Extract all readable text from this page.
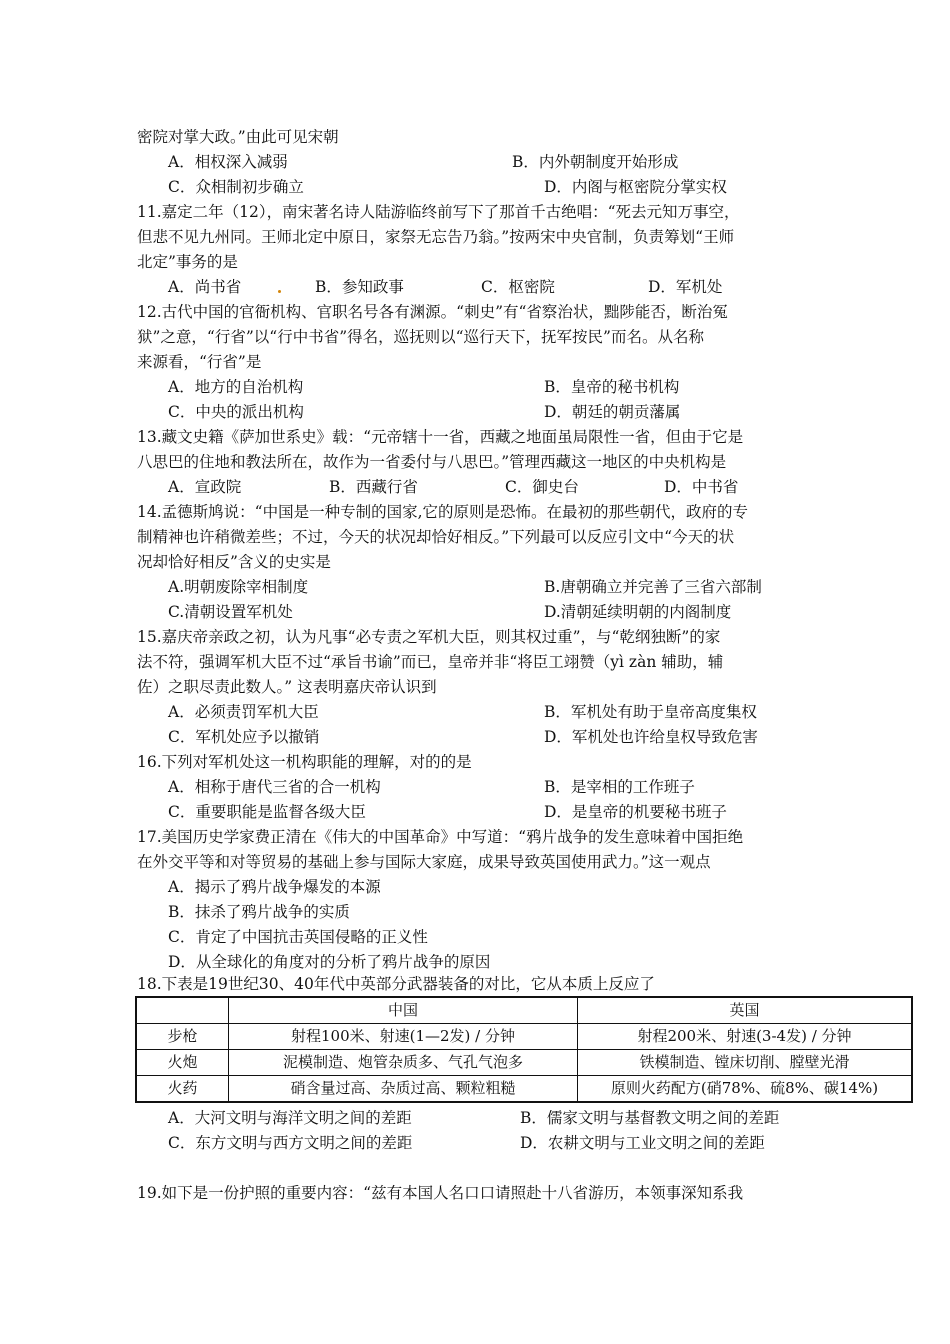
密院对掌大政。”由此可见宋朝
A．相权深入减弱	B．内外朝制度开始形成
C．众相制初步确立	D．内阁与枢密院分掌实权
11.嘉定二年（12），南宋著名诗人陆游临终前写下了那首千古绝唱：“死去元知万事空，
但悲不见九州同。王师北定中原日，家祭无忘告乃翁。”按两宋中央官制，负责筹划“王师
北定”事务的是
A．尚书省	B．参知政事	C．枢密院	D．军机处
12.古代中国的官衙机构、官职名号各有渊源。“刺史”有“省察治状，黜陟能否，断治冤
狱”之意，“行省”以“行中书省”得名，巡抚则以“巡行天下，抚军按民”而名。从名称
来源看，“行省”是
A．地方的自治机构	B．皇帝的秘书机构
C．中央的派出机构	D．朝廷的朝贡藩属
13.藏文史籍《萨加世系史》载：“元帝辖十一省，西藏之地面虽局限性一省，但由于它是
八思巴的住地和教法所在，故作为一省委付与八思巴。”管理西藏这一地区的中央机构是
A．宣政院	B．西藏行省	C．御史台	D．中书省
14.孟德斯鸠说：“中国是一种专制的国家,它的原则是恐怖。在最初的那些朝代，政府的专
制精神也许稍微差些；不过，今天的状况却恰好相反。”下列最可以反应引文中“今天的状
况却恰好相反”含义的史实是
A.明朝废除宰相制度	B.唐朝确立并完善了三省六部制
C.清朝设置军机处	D.清朝延续明朝的内阁制度
15.嘉庆帝亲政之初，认为凡事“必专责之军机大臣，则其权过重”，与“乾纲独断”的家
法不符，强调军机大臣不过“承旨书谕”而已，皇帝并非“将臣工翊赞（yì zàn 辅助，辅
佐）之职尽责此数人。” 这表明嘉庆帝认识到
A．必须责罚军机大臣	B．军机处有助于皇帝高度集权
C．军机处应予以撤销	D．军机处也许给皇权导致危害
16.下列对军机处这一机构职能的理解，对的的是
A．相称于唐代三省的合一机构	B．是宰相的工作班子
C．重要职能是监督各级大臣	D．是皇帝的机要秘书班子
17.美国历史学家费正清在《伟大的中国革命》中写道：“鸦片战争的发生意味着中国拒绝
在外交平等和对等贸易的基础上参与国际大家庭，成果导致英国使用武力。”这一观点
A．揭示了鸦片战争爆发的本源
B．抹杀了鸦片战争的实质
C．肯定了中国抗击英国侵略的正义性
D．从全球化的角度对的分析了鸦片战争的原因
18.下表是19世纪30、40年代中英部分武器装备的对比，它从本质上反应了
	中国	英国
步枪	射程100米、射速(1—2发) / 分钟	射程200米、射速(3-4发) / 分钟
火炮	泥模制造、炮管杂质多、气孔气泡多	铁模制造、镗床切削、膛壁光滑
火药	硝含量过高、杂质过高、颗粒粗糙	原则火药配方(硝78%、硫8%、碳14%)
A．大河文明与海洋文明之间的差距	B．儒家文明与基督教文明之间的差距
C．东方文明与西方文明之间的差距	D．农耕文明与工业文明之间的差距
19.如下是一份护照的重要内容：“兹有本国人名口口请照赴十八省游历，本领事深知系我
